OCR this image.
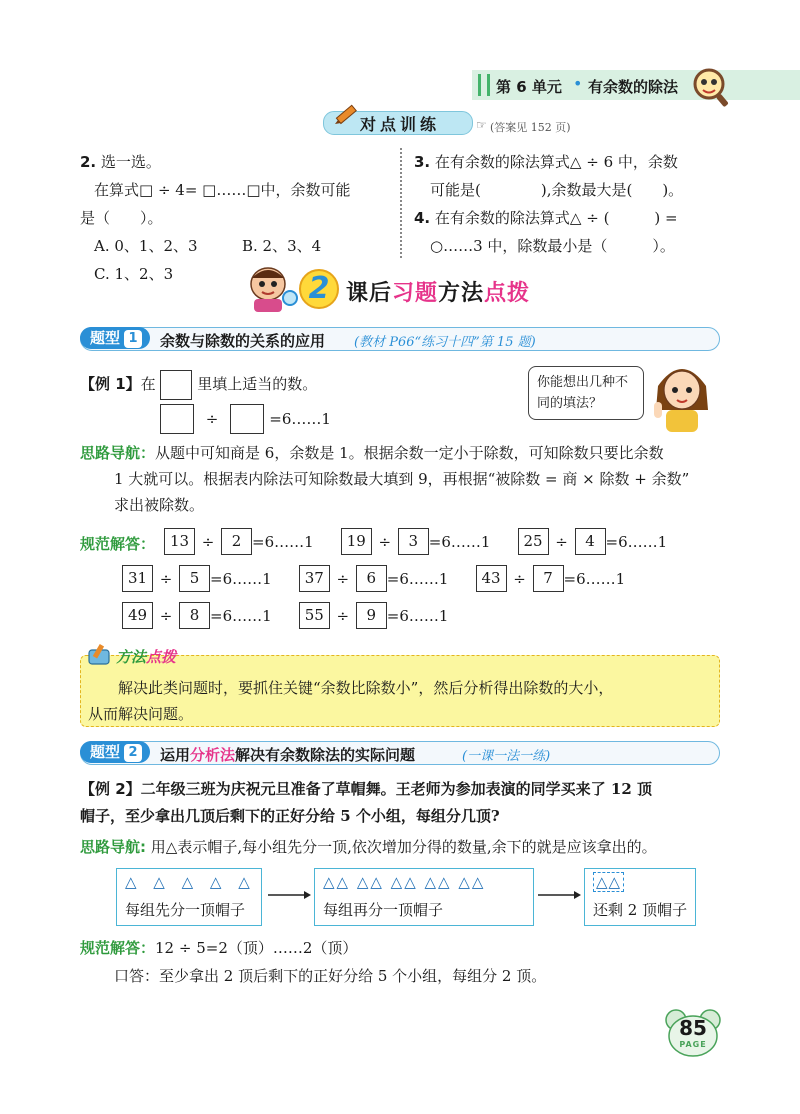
第 6 单元 • 有余数的除法
对点训练	☞ (答案见 152 页)
2. 选一选。
在算式□ ÷ 4= □……□中，余数可能
是（　　）。
A. 0、1、2、3	B. 2、3、4
C. 1、2、3
3. 在有余数的除法算式△ ÷ 6 中，余数
可能是(　　　　),余数最大是(　　)。
4. 在有余数的除法算式△ ÷ (　　　) =
○……3 中，除数最小是（　　　）。
2 课后习题方法点拨
题型 1	余数与除数的关系的应用 (教材 P66“练习十四”第 15 题)
【例 1】在	里填上适当的数。
÷	=6……1
你能想出几种不同的填法？
思路导航：从题中可知商是 6，余数是 1。根据余数一定小于除数，可知除数只要比余数
1 大就可以。根据表内除法可知除数最大填到 9，再根据“被除数 = 商 × 除数 + 余数”
求出被除数。
规范解答： 13 ÷ 2 =6……1 19 ÷ 3 =6……1 25 ÷ 4 =6……1
31 ÷ 5 =6……1 37 ÷ 6 =6……1 43 ÷ 7 =6……1
49 ÷ 8 =6……1 55 ÷ 9 =6……1
方法点拨
解决此类问题时，要抓住关键“余数比除数小”，然后分析得出除数的大小，
从而解决问题。
题型 2	运用分析法解决有余数除法的实际问题	(一课一法一练)
【例 2】二年级三班为庆祝元旦准备了草帽舞。王老师为参加表演的同学买来了 12 顶
帽子，至少拿出几顶后剩下的正好分给 5 个小组，每组分几顶?
思路导航: 用△表示帽子,每小组先分一顶,依次增加分得的数量,余下的就是应该拿出的。
△ △ △ △ △
每组先分一顶帽子
△△ △△ △△ △△ △△
每组再分一顶帽子
△△
还剩 2 顶帽子
规范解答：12 ÷ 5=2（顶）……2（顶）
口答：至少拿出 2 顶后剩下的正好分给 5 个小组，每组分 2 顶。
85
PAGE
